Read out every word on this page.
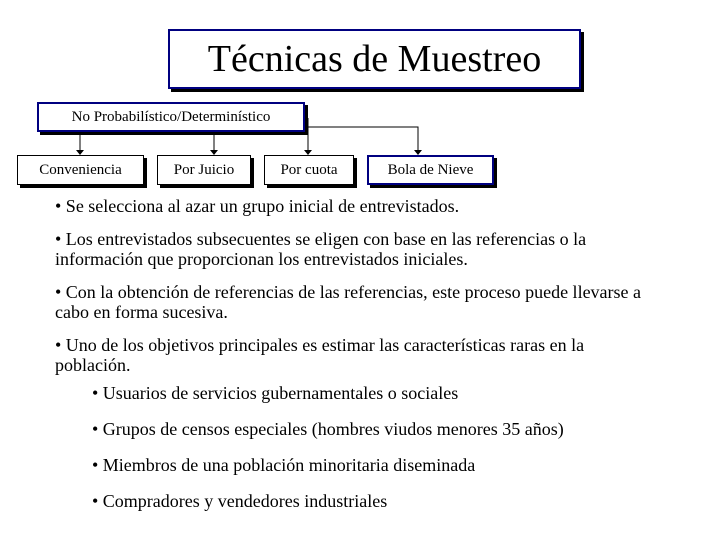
Técnicas de Muestreo
No Probabilístico/Determinístico
Conveniencia	Por Juicio	Por cuota	Bola de Nieve

• Se selecciona al azar un grupo inicial de entrevistados.

• Los entrevistados subsecuentes se eligen con base en las referencias o la información que proporcionan los entrevistados iniciales.

• Con la obtención de referencias de las referencias, este proceso puede llevarse a cabo en forma sucesiva.

• Uno de los objetivos principales es estimar las características raras en la población.

• Usuarios de servicios gubernamentales o sociales
• Grupos de censos especiales (hombres viudos menores 35 años)
• Miembros de una población minoritaria diseminada
• Compradores y vendedores industriales
